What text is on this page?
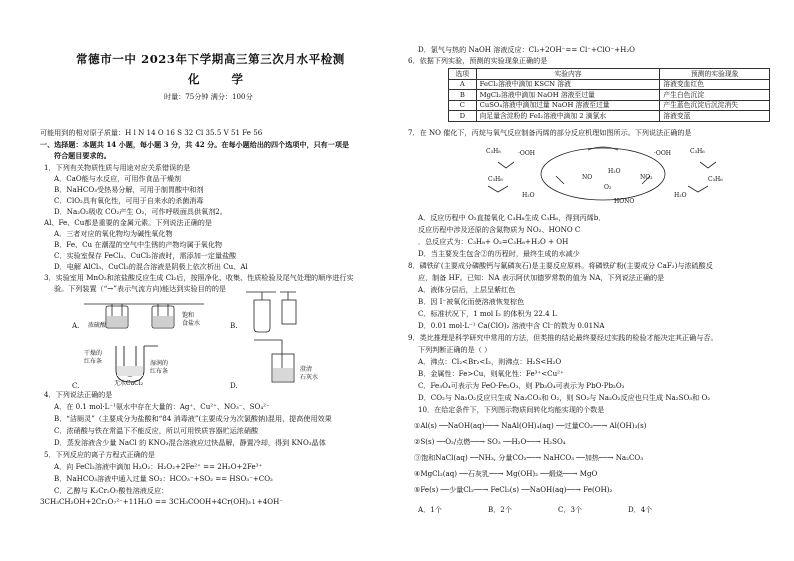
常德市一中 2023年下学期高三第三次月水平检测
化 学
时量：75分钟 满分：100分
可能用到的相对原子质量：H l N 14 O 16 S 32 Cl 35.5 V 51 Fe 56
一、选择题：本题共 14 小题，每小题 3 分，共 42 分。在每小题给出的四个选项中，只有一项是
符合题目要求的。
1．下列有关物质性质与用途对应关系错误的是
A．CaO能与水反应，可用作食品干燥剂
B．NaHCO₃受热易分解，可用于制胃酸中和剂
C．ClO₂具有氧化性，可用于自来水的杀菌消毒
D．Na₂O₂吸收 CO₂产生 O₂，可作呼吸面具供氧剂2。
Al、Fe、Cu都是重要的金属元素。下列说法正确的是
A．三者对应的氧化物均为碱性氧化物
B．Fe、Cu 在潮湿的空气中生锈的产物均属于氧化物
C．实验室保存 FeCl₃、CuCl₂溶液时，需添加一定量盐酸
D．电解 AlCl₃、CuCl₂的混合溶液是阴极上依次析出 Cu、Al
3．实验室用 MnO₂和浓盐酸反应生成 Cl₂后，按照净化、收集、性质检验及尾气处理的顺序进行实
验。下列装置（“→”表示气流方向)能达到实验目的的是
A. 浓硫酸
饱和
食盐水	B.
C.
干燥的
红布条	湿润的
红布条
无水CaCl₂	D.
澄清
石灰水
4．下列说法正确的是
A．在 0.1 mol·L⁻¹氨水中存在大量的：Ag⁺、Cu²⁺、NO₃⁻、SO₄²⁻
B．“洁厕灵”（主要成分为盐酸和“84 消毒液”(主要成分为次氯酸钠)混用，提高使用效果
C．浓硝酸与铁在常温下不能反应，所以可用铁质容器贮运浓硝酸
D．蒸发溶液含少量 NaCl 的 KNO₃混合溶液应过快晶解，静置冷却，得到 KNO₃晶体
5．下列反应的离子方程式正确的是
A．向 FeCl₂溶液中滴加 H₂O₂：H₂O₂+2Fe²⁺ == 2H₂O+2Fe³⁺
B．NaHCO₃溶液中通入过量 SO₂：HCO₃⁻+SO₂ == HSO₃⁻+CO₂
C．乙醇与 K₂Cr₂O₇酸性溶液反应：
3CH₃CH₂OH+2Cr₂O₇²⁻+11H₂O == 3CH₃COOH+4Cr(OH)₃↓+4OH⁻
D．氯气与热的 NaOH 溶液反应：Cl₂+2OH⁻== Cl⁻+ClO⁻+H₂O
6．依据下列实验，预测的实验现象正确的是
选项	实验内容	预测的实验现象
A	FeCl₂溶液中滴加 KSCN 溶液	溶液变血红色
B	MgCl₂溶液中滴加 NaOH 溶液至过量	产生白色沉淀
C	CuSO₄溶液中滴加过量 NaOH 溶液至过量	产生蓝色沉淀后沉淀消失
D	向足量含淀粉的 FeI₂溶液中滴加 2 滴氯水	溶液变蓝
7．在 NO 催化下，丙烷与氧气反应制备丙烯的部分反应机理如图所示。下列说法正确的是
C₃H₈	·OOH	·OOH	C₃H₆
NO	NO₂
H₂O
O₂
HONO
C₃H₈
H₂O	H₂O
C₃H₆
A．反应历程中 O₂直接氧化 C₃H₈生成 C₃H₆，得到丙烯b．
反应历程中涉及还原的含氮物质为 NO₂、HONO C
．总反应式为：C₃H₈+ O₂=C₃H₆+H₂O + OH
D．当主要发生包含②的历程时，最终生成的水减少
8．磷铁矿(主要成分磷酸钙与氟磷灰石)是主要反应原料。将磷铁矿粉(主要成分 CaF₂)与浓硫酸反
应，制备 HF。已知：NA 表示阿伏加德罗常数的值为 NA，下列说法正确的是
A．液体分层后，上层呈紫红色
B．因 I⁻被氧化而使溶液恢复棕色
C．标准状况下，1 mol I₂ 的体积为 22.4 L
D．0.01 mol·L⁻¹ Ca(ClO)₂ 溶液中含 Cl⁻的数为 0.01NA
9．类比推理是科学研究中常用的方法，但类推的结论最终要经过实践的检验才能决定其正确与否。
下列判断正确的是（ ）
A．沸点：Cl₂<Br₂<I₂，则沸点：H₂S<H₂O
B．金属性：Fe>Cu，则氧化性：Fe³⁺<Cu²⁺
C．Fe₃O₄可表示为 FeO·Fe₂O₃，则 Pb₃O₄可表示为 PbO·Pb₂O₃
D．CO₂与 Na₂O₂反应只生成 Na₂CO₃和 O₂，则 SO₂与 Na₂O₂反应也只生成 Na₂SO₃和 O₂
10．在给定条件下，下列图示物质间转化均能实现的个数是
①Al(s) ──NaOH(aq)──→ NaAl(OH)₄(aq) ──过量CO₂──→ Al(OH)₃(s)
②S(s) ──O₂/点燃──→ SO₃ ──H₂O──→ H₂SO₄
③饱和NaCl(aq) ──NH₃, 分量CO₂──→ NaHCO₃ ──加热──→ Na₂CO₃
④MgCl₂(aq) ──石灰乳──→ Mg(OH)₂ ──煅烧──→ MgO
⑤Fe(s) ──少量Cl₂──→ FeCl₂(s) ──NaOH(aq)──→ Fe(OH)₂
A．1个	B．2个	C．3个	D．4个
